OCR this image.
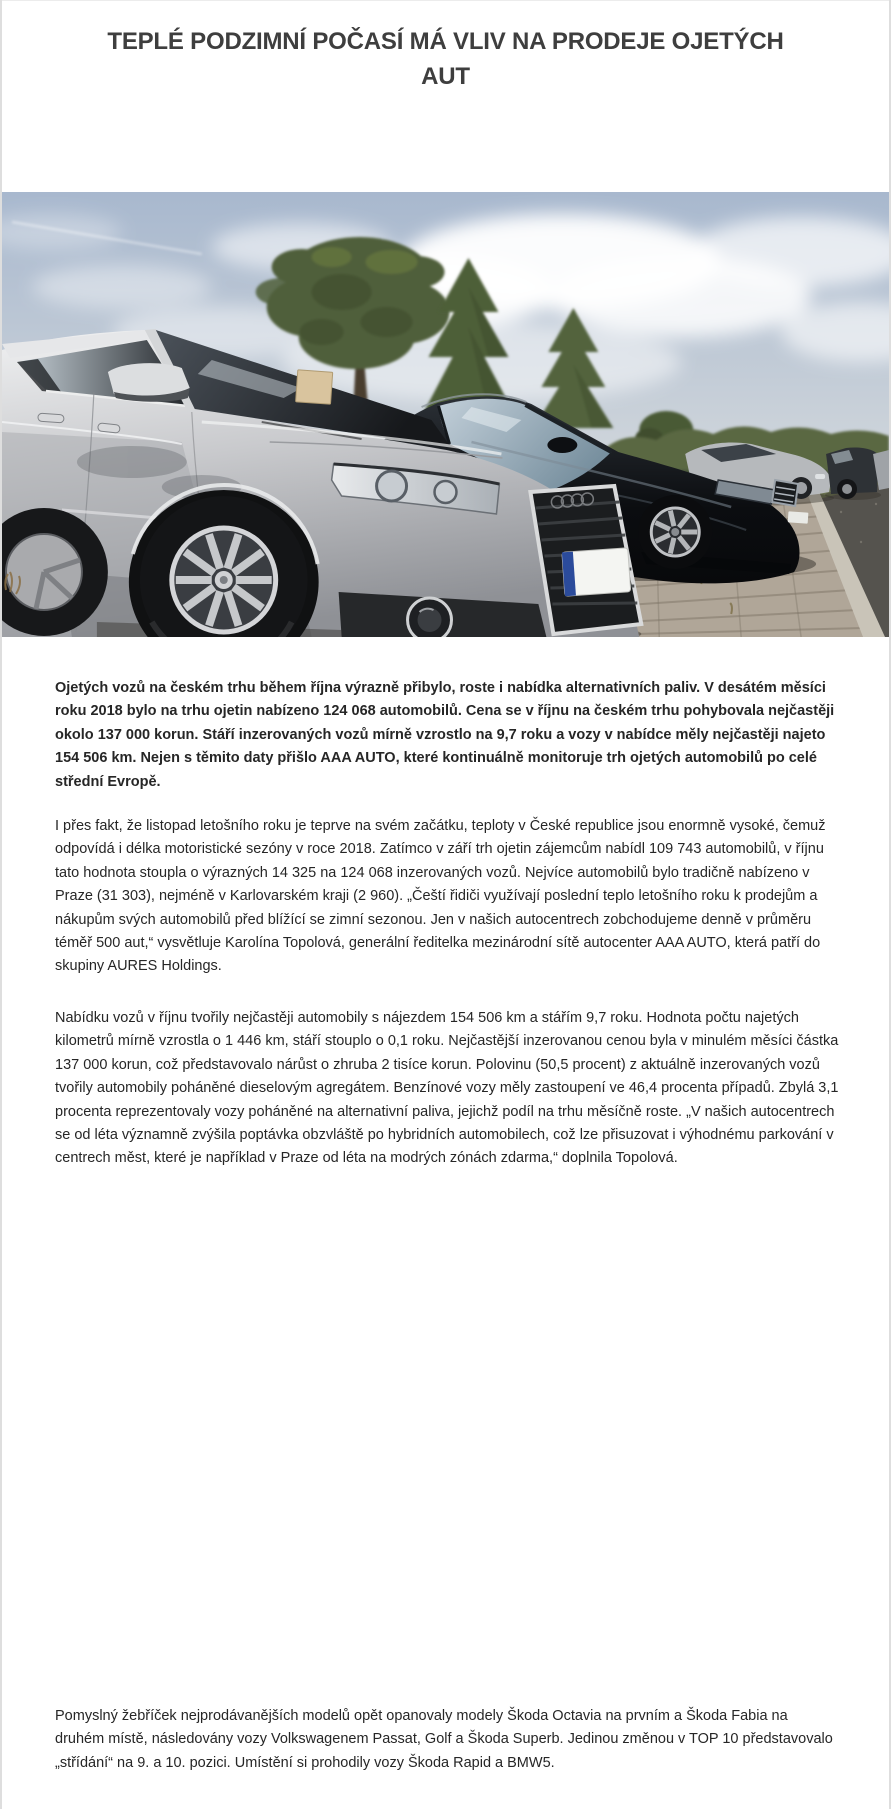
TEPLÉ PODZIMNÍ POČASÍ MÁ VLIV NA PRODEJE OJETÝCH AUT

Ojetých vozů na českém trhu během října výrazně přibylo, roste i nabídka alternativních paliv. V desátém měsíci roku 2018 bylo na trhu ojetin nabízeno 124 068 automobilů. Cena se v říjnu na českém trhu pohybovala nejčastěji okolo 137 000 korun. Stáří inzerovaných vozů mírně vzrostlo na 9,7 roku a vozy v nabídce měly nejčastěji najeto 154 506 km. Nejen s těmito daty přišlo AAA AUTO, které kontinuálně monitoruje trh ojetých automobilů po celé střední Evropě.

I přes fakt, že listopad letošního roku je teprve na svém začátku, teploty v České republice jsou enormně vysoké, čemuž odpovídá i délka motoristické sezóny v roce 2018. Zatímco v září trh ojetin zájemcům nabídl 109 743 automobilů, v říjnu tato hodnota stoupla o výrazných 14 325 na 124 068 inzerovaných vozů. Nejvíce automobilů bylo tradičně nabízeno v Praze (31 303), nejméně v Karlovarském kraji (2 960). „Čeští řidiči využívají poslední teplo letošního roku k prodejům a nákupům svých automobilů před blížící se zimní sezonou. Jen v našich autocentrech zobchodujeme denně v průměru téměř 500 aut,“ vysvětluje Karolína Topolová, generální ředitelka mezinárodní sítě autocenter AAA AUTO, která patří do skupiny AURES Holdings.

Nabídku vozů v říjnu tvořily nejčastěji automobily s nájezdem 154 506 km a stářím 9,7 roku. Hodnota počtu najetých kilometrů mírně vzrostla o 1 446 km, stáří stouplo o 0,1 roku. Nejčastější inzerovanou cenou byla v minulém měsíci částka 137 000 korun, což představovalo nárůst o zhruba 2 tisíce korun. Polovinu (50,5 procent) z aktuálně inzerovaných vozů tvořily automobily poháněné dieselovým agregátem. Benzínové vozy měly zastoupení ve 46,4 procenta případů. Zbylá 3,1 procenta reprezentovaly vozy poháněné na alternativní paliva, jejichž podíl na trhu měsíčně roste. „V našich autocentrech se od léta významně zvýšila poptávka obzvláště po hybridních automobilech, což lze přisuzovat i výhodnému parkování v centrech měst, které je například v Praze od léta na modrých zónách zdarma,“ doplnila Topolová.

Pomyslný žebříček nejprodávanějších modelů opět opanovaly modely Škoda Octavia na prvním a Škoda Fabia na druhém místě, následovány vozy Volkswagenem Passat, Golf a Škoda Superb. Jedinou změnou v TOP 10 představovalo „střídání“ na 9. a 10. pozici. Umístění si prohodily vozy Škoda Rapid a BMW5.
